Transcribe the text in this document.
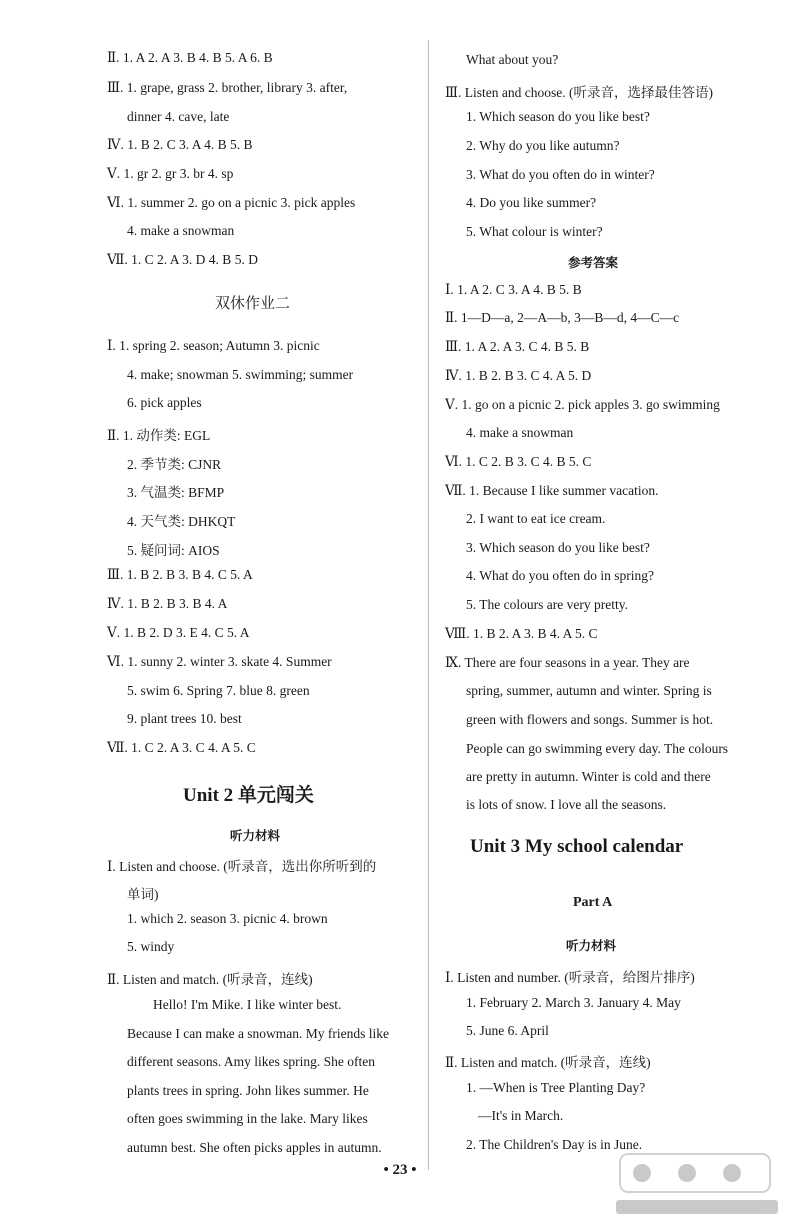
Ⅱ. 1. A 2. A 3. B 4. B 5. A 6. B
Ⅲ. 1. grape, grass 2. brother, library 3. after,
dinner 4. cave, late
Ⅳ. 1. B 2. C 3. A 4. B 5. B
Ⅴ. 1. gr 2. gr 3. br 4. sp
Ⅵ. 1. summer 2. go on a picnic 3. pick apples
4. make a snowman
Ⅶ. 1. C 2. A 3. D 4. B 5. D
双休作业二
Ⅰ. 1. spring 2. season; Autumn 3. picnic
4. make; snowman 5. swimming; summer
6. pick apples
Ⅱ. 1. 动作类: EGL
2. 季节类: CJNR
3. 气温类: BFMP
4. 天气类: DHKQT
5. 疑问词: AIOS
Ⅲ. 1. B 2. B 3. B 4. C 5. A
Ⅳ. 1. B 2. B 3. B 4. A
Ⅴ. 1. B 2. D 3. E 4. C 5. A
Ⅵ. 1. sunny 2. winter 3. skate 4. Summer
5. swim 6. Spring 7. blue 8. green
9. plant trees 10. best
Ⅶ. 1. C 2. A 3. C 4. A 5. C
Unit 2 单元闯关
听力材料
Ⅰ. Listen and choose. (听录音，选出你所听到的
单词)
1. which 2. season 3. picnic 4. brown
5. windy
Ⅱ. Listen and match. (听录音，连线)
Hello! I'm Mike. I like winter best.
Because I can make a snowman. My friends like
different seasons. Amy likes spring. She often
plants trees in spring. John likes summer. He
often goes swimming in the lake. Mary likes
autumn best. She often picks apples in autumn.
What about you?
Ⅲ. Listen and choose. (听录音，选择最佳答语)
1. Which season do you like best?
2. Why do you like autumn?
3. What do you often do in winter?
4. Do you like summer?
5. What colour is winter?
参考答案
Ⅰ. 1. A 2. C 3. A 4. B 5. B
Ⅱ. 1—D—a, 2—A—b, 3—B—d, 4—C—c
Ⅲ. 1. A 2. A 3. C 4. B 5. B
Ⅳ. 1. B 2. B 3. C 4. A 5. D
Ⅴ. 1. go on a picnic 2. pick apples 3. go swimming
4. make a snowman
Ⅵ. 1. C 2. B 3. C 4. B 5. C
Ⅶ. 1. Because I like summer vacation.
2. I want to eat ice cream.
3. Which season do you like best?
4. What do you often do in spring?
5. The colours are very pretty.
Ⅷ. 1. B 2. A 3. B 4. A 5. C
Ⅸ. There are four seasons in a year. They are
spring, summer, autumn and winter. Spring is
green with flowers and songs. Summer is hot.
People can go swimming every day. The colours
are pretty in autumn. Winter is cold and there
is lots of snow. I love all the seasons.
Unit 3 My school calendar
Part A
听力材料
Ⅰ. Listen and number. (听录音，给图片排序)
1. February 2. March 3. January 4. May
5. June 6. April
Ⅱ. Listen and match. (听录音，连线)
1. —When is Tree Planting Day?
—It's in March.
2. The Children's Day is in June.
• 23 •
